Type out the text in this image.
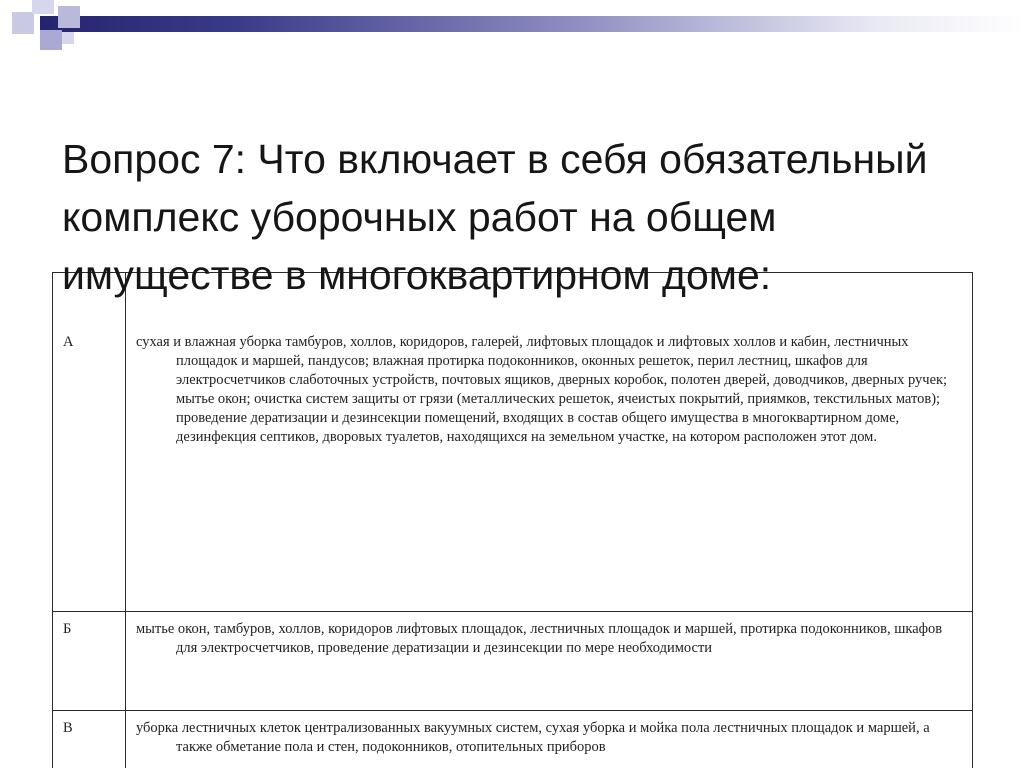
Вопрос 7: Что включает в себя обязательный комплекс уборочных работ на общем имуществе в многоквартирном доме:
А	сухая и влажная уборка тамбуров, холлов, коридоров, галерей, лифтовых площадок и лифтовых холлов и кабин, лестничных площадок и маршей, пандусов; влажная протирка подоконников, оконных решеток, перил лестниц, шкафов для электросчетчиков слаботочных устройств, почтовых ящиков, дверных коробок, полотен дверей, доводчиков, дверных ручек; мытье окон; очистка систем защиты от грязи (металлических решеток, ячеистых покрытий, приямков, текстильных матов); проведение дератизации и дезинсекции помещений, входящих в состав общего имущества в многоквартирном доме, дезинфекция септиков, дворовых туалетов, находящихся на земельном участке, на котором расположен этот дом.

Б	мытье окон, тамбуров, холлов, коридоров лифтовых площадок, лестничных площадок и маршей, протирка подоконников, шкафов для электросчетчиков, проведение дератизации и дезинсекции по мере необходимости

В	уборка лестничных клеток централизованных вакуумных систем, сухая уборка и мойка пола лестничных площадок и маршей, а также обметание пола и стен, подоконников, отопительных приборов
